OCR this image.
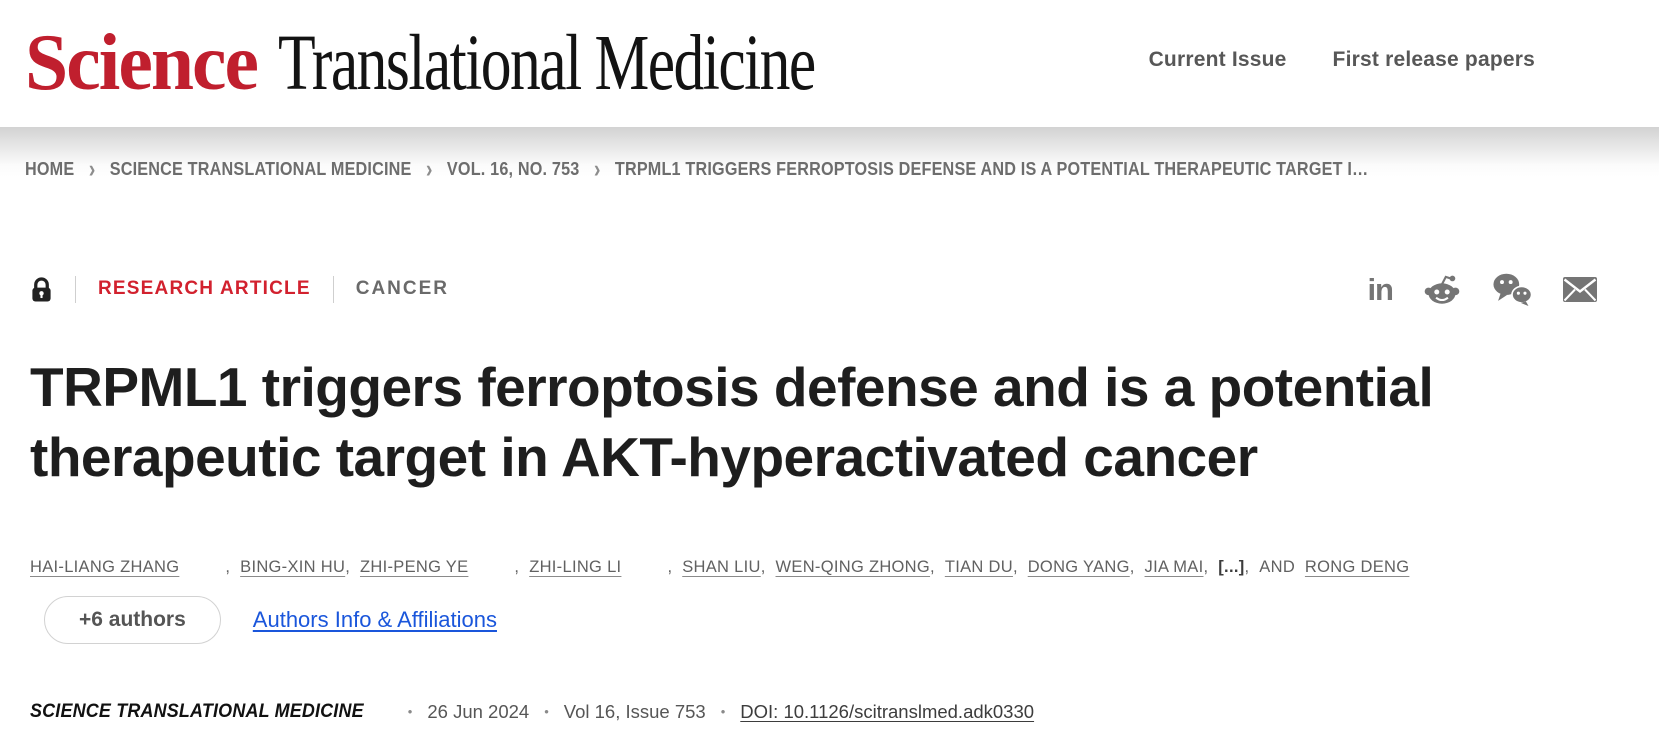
Science Translational Medicine	Current Issue First release papers
HOME › SCIENCE TRANSLATIONAL MEDICINE › VOL. 16, NO. 753 › TRPML1 TRIGGERS FERROPTOSIS DEFENSE AND IS A POTENTIAL THERAPEUTIC TARGET I…
RESEARCH ARTICLE CANCER	in
TRPML1 triggers ferroptosis defense and is a potential
therapeutic target in AKT-hyperactivated cancer
HAI-LIANG ZHANG	, BING-XIN HU, ZHI-PENG YE	, ZHI-LING LI	, SHAN LIU, WEN-QING ZHONG, TIAN DU, DONG YANG, JIA MAI, [...], AND RONG DENG
+6 authors	Authors Info & Affiliations
SCIENCE TRANSLATIONAL MEDICINE	• 26 Jun 2024 • Vol 16, Issue 753 • DOI: 10.1126/scitranslmed.adk0330
